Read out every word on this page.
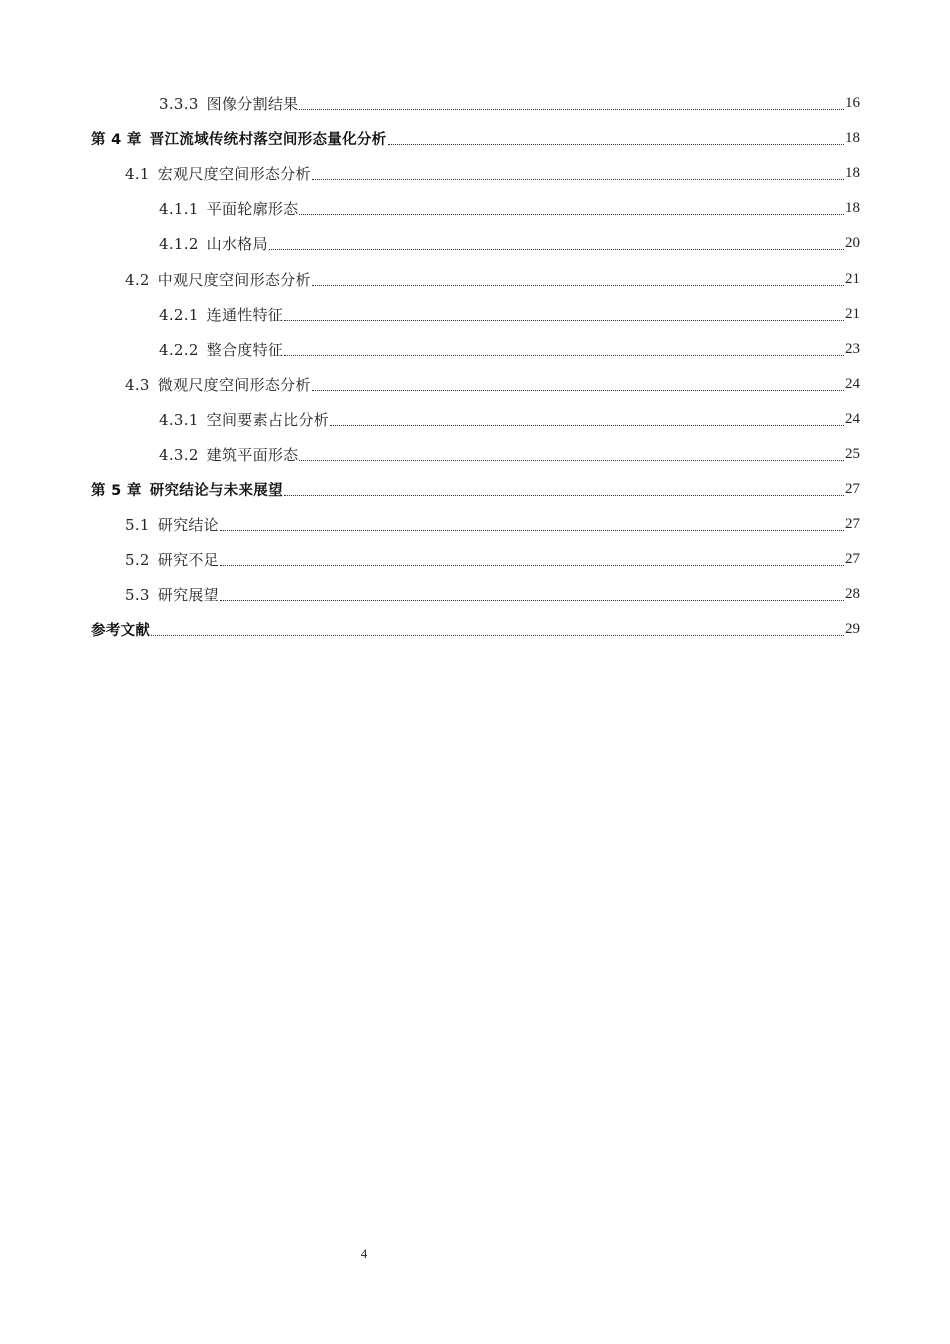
3.3.3 图像分割结果	16
第 4 章 晋江流域传统村落空间形态量化分析	18
4.1 宏观尺度空间形态分析	18
4.1.1 平面轮廓形态	18
4.1.2 山水格局	20
4.2 中观尺度空间形态分析	21
4.2.1 连通性特征	21
4.2.2 整合度特征	23
4.3 微观尺度空间形态分析	24
4.3.1 空间要素占比分析	24
4.3.2 建筑平面形态	25
第 5 章 研究结论与未来展望	27
5.1 研究结论	27
5.2 研究不足	27
5.3 研究展望	28
参考文献	29
4
